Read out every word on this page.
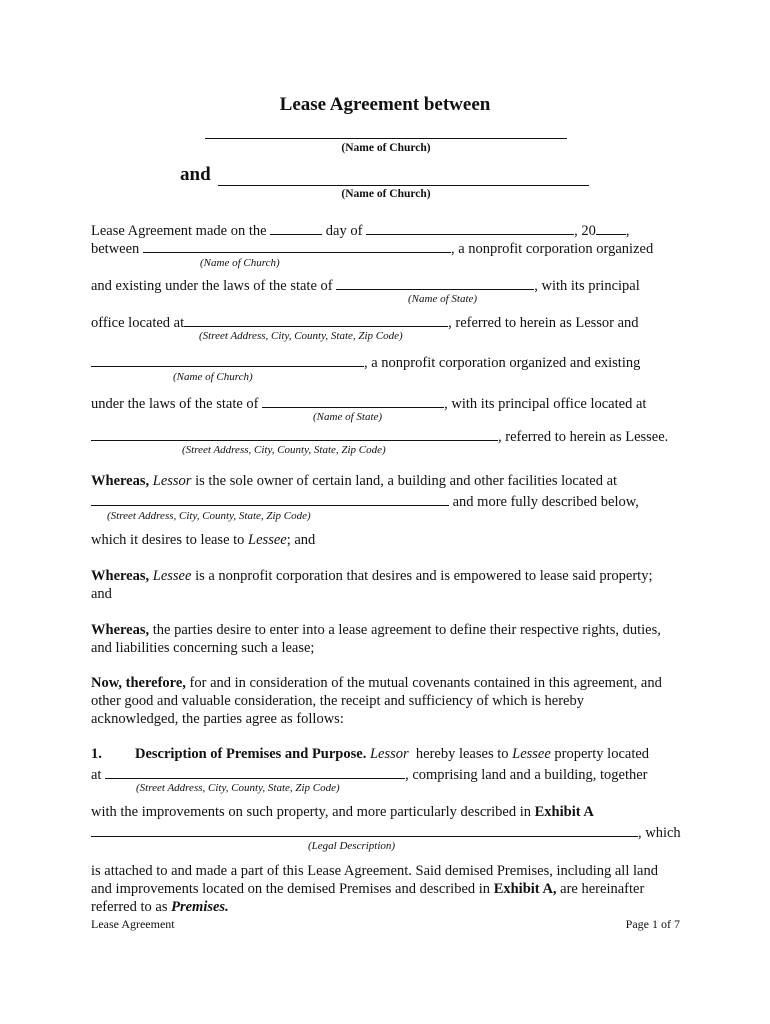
Lease Agreement between
(Name of Church)
and
(Name of Church)
Lease Agreement made on the	day of	, 20 ,
between	, a nonprofit corporation organized
(Name of Church)
and existing under the laws of the state of	, with its principal
(Name of State)
office located at	, referred to herein as Lessor and
(Street Address, City, County, State, Zip Code)
, a nonprofit corporation organized and existing
(Name of Church)
under the laws of the state of	, with its principal office located at
(Name of State)
, referred to herein as Lessee.
(Street Address, City, County, State, Zip Code)
Whereas, Lessor is the sole owner of certain land, a building and other facilities located at
and more fully described below,
(Street Address, City, County, State, Zip Code)
which it desires to lease to Lessee; and
Whereas, Lessee is a nonprofit corporation that desires and is empowered to lease said property; and
Whereas, the parties desire to enter into a lease agreement to define their respective rights, duties, and liabilities concerning such a lease;
Now, therefore, for and in consideration of the mutual covenants contained in this agreement, and other good and valuable consideration, the receipt and sufficiency of which is hereby acknowledged, the parties agree as follows:
1. Description of Premises and Purpose. Lessor  hereby leases to Lessee property located
at	, comprising land and a building, together
(Street Address, City, County, State, Zip Code)
with the improvements on such property, and more particularly described in Exhibit A
, which
(Legal Description)
is attached to and made a part of this Lease Agreement. Said demised Premises, including all land and improvements located on the demised Premises and described in Exhibit A, are hereinafter referred to as Premises.
Lease Agreement	Page 1 of 7
